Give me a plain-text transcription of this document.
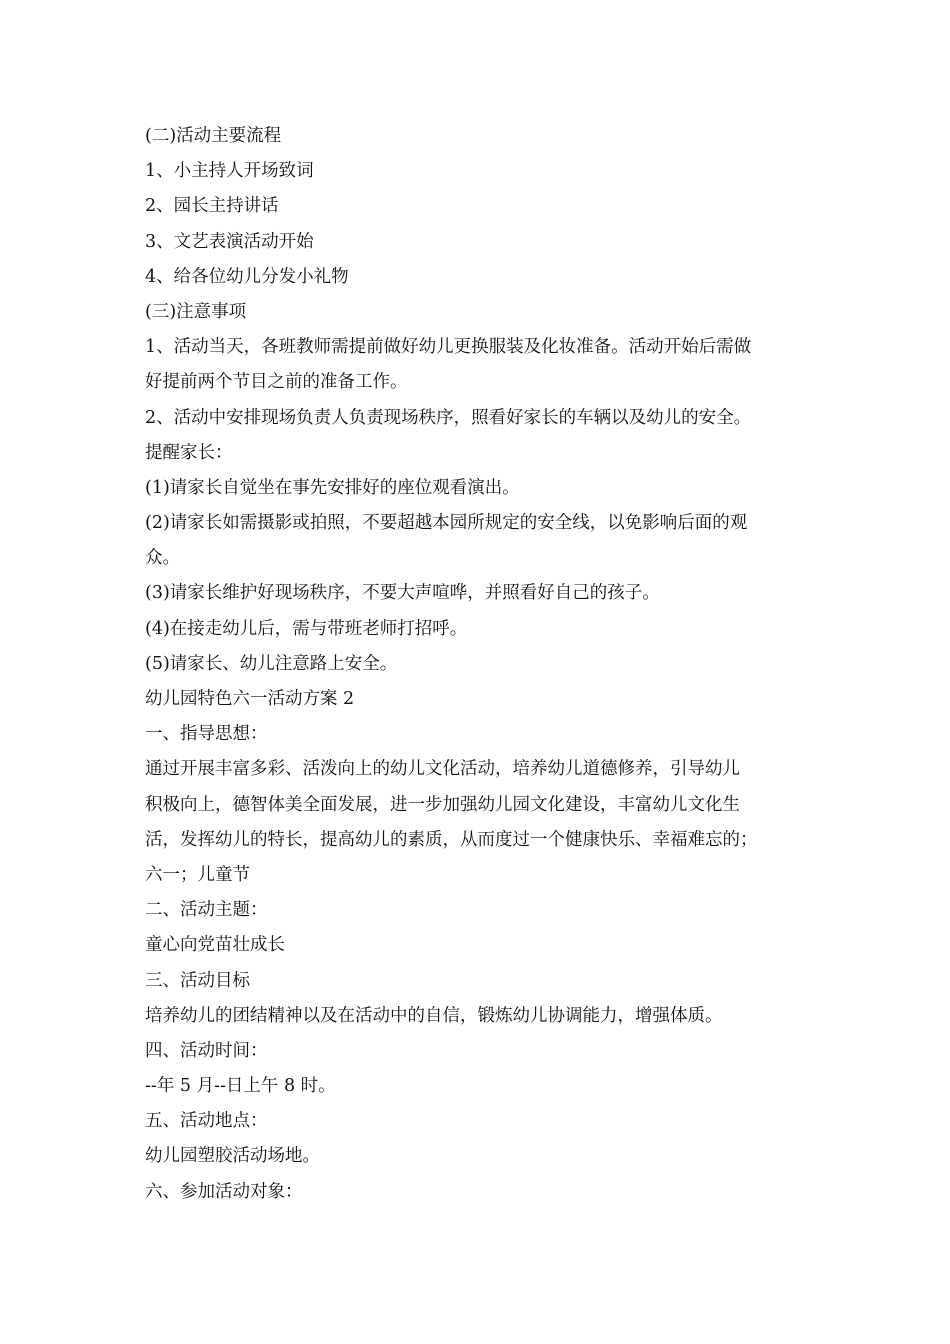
(二)活动主要流程
1、小主持人开场致词
2、园长主持讲话
3、文艺表演活动开始
4、给各位幼儿分发小礼物
(三)注意事项
1、活动当天，各班教师需提前做好幼儿更换服装及化妆准备。活动开始后需做
好提前两个节目之前的准备工作。
2、活动中安排现场负责人负责现场秩序，照看好家长的车辆以及幼儿的安全。
提醒家长：
(1)请家长自觉坐在事先安排好的座位观看演出。
(2)请家长如需摄影或拍照，不要超越本园所规定的安全线，以免影响后面的观
众。
(3)请家长维护好现场秩序，不要大声喧哗，并照看好自己的孩子。
(4)在接走幼儿后，需与带班老师打招呼。
(5)请家长、幼儿注意路上安全。
幼儿园特色六一活动方案 2
一、指导思想：
通过开展丰富多彩、活泼向上的幼儿文化活动，培养幼儿道德修养，引导幼儿
积极向上，德智体美全面发展，进一步加强幼儿园文化建设，丰富幼儿文化生
活，发挥幼儿的特长，提高幼儿的素质，从而度过一个健康快乐、幸福难忘的；
六一；儿童节
二、活动主题：
童心向党苗壮成长
三、活动目标
培养幼儿的团结精神以及在活动中的自信，锻炼幼儿协调能力，增强体质。
四、活动时间：
--年 5 月--日上午 8 时。
五、活动地点：
幼儿园塑胶活动场地。
六、参加活动对象：
